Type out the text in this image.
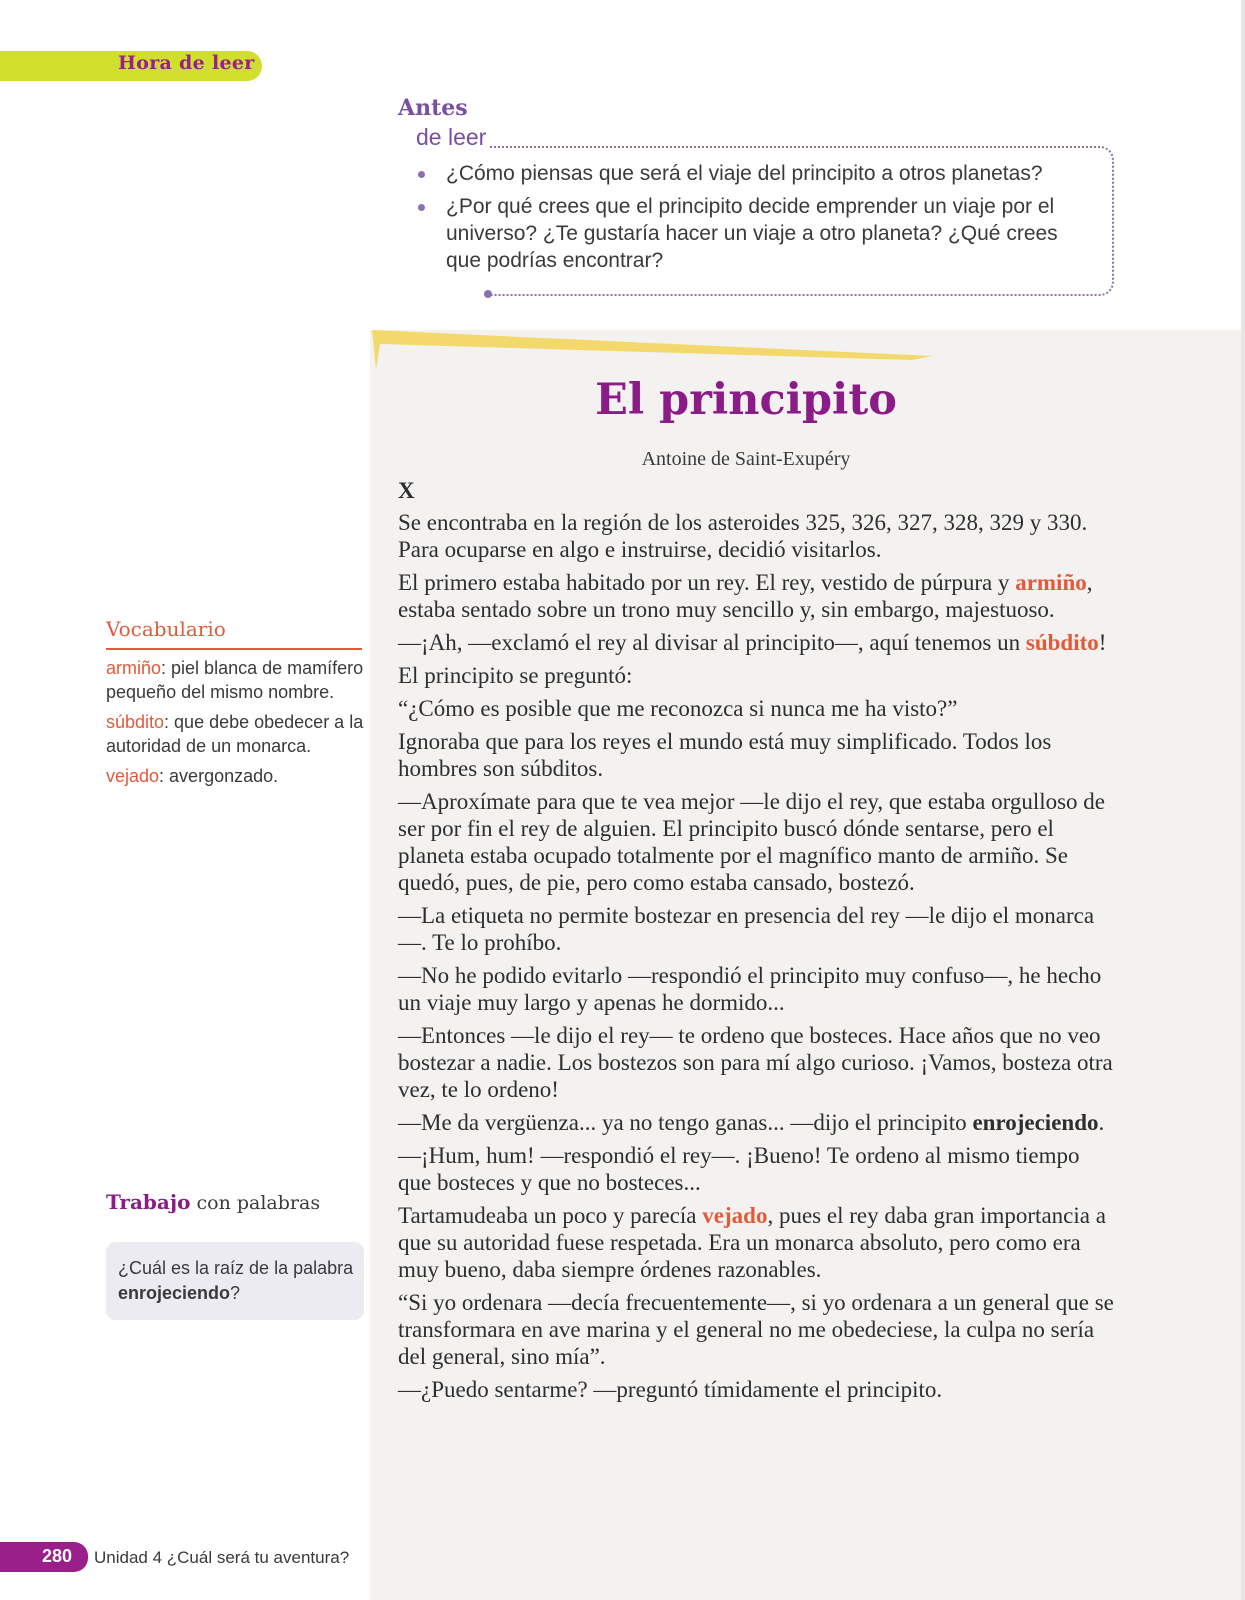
Hora de leer
Antes
de leer
¿Cómo piensas que será el viaje del principito a otros planetas?
¿Por qué crees que el principito decide emprender un viaje por el universo? ¿Te gustaría hacer un viaje a otro planeta? ¿Qué crees que podrías encontrar?
El principito
Antoine de Saint-Exupéry
X

Se encontraba en la región de los asteroides 325, 326, 327, 328, 329 y 330. Para ocuparse en algo e instruirse, decidió visitarlos.

El primero estaba habitado por un rey. El rey, vestido de púrpura y armiño, estaba sentado sobre un trono muy sencillo y, sin embargo, majestuoso.

—¡Ah, —exclamó el rey al divisar al principito—, aquí tenemos un súbdito!

El principito se preguntó:

“¿Cómo es posible que me reconozca si nunca me ha visto?”

Ignoraba que para los reyes el mundo está muy simplificado. Todos los hombres son súbditos.

—Aproxímate para que te vea mejor —le dijo el rey, que estaba orgulloso de ser por fin el rey de alguien. El principito buscó dónde sentarse, pero el planeta estaba ocupado totalmente por el magnífico manto de armiño. Se quedó, pues, de pie, pero como estaba cansado, bostezó.

—La etiqueta no permite bostezar en presencia del rey —le dijo el monarca—. Te lo prohíbo.

—No he podido evitarlo —respondió el principito muy confuso—, he hecho un viaje muy largo y apenas he dormido...

—Entonces —le dijo el rey— te ordeno que bosteces. Hace años que no veo bostezar a nadie. Los bostezos son para mí algo curioso. ¡Vamos, bosteza otra vez, te lo ordeno!

—Me da vergüenza... ya no tengo ganas... —dijo el principito enrojeciendo.

—¡Hum, hum! —respondió el rey—. ¡Bueno! Te ordeno al mismo tiempo que bosteces y que no bosteces...

Tartamudeaba un poco y parecía vejado, pues el rey daba gran importancia a que su autoridad fuese respetada. Era un monarca absoluto, pero como era muy bueno, daba siempre órdenes razonables.

“Si yo ordenara —decía frecuentemente—, si yo ordenara a un general que se transformara en ave marina y el general no me obedeciese, la culpa no sería del general, sino mía”.

—¿Puedo sentarme? —preguntó tímidamente el principito.

Vocabulario
armiño: piel blanca de mamífero pequeño del mismo nombre.
súbdito: que debe obedecer a la autoridad de un monarca.
vejado: avergonzado.
Trabajo con palabras
¿Cuál es la raíz de la palabra enrojeciendo?
280 Unidad 4 ¿Cuál será tu aventura?
